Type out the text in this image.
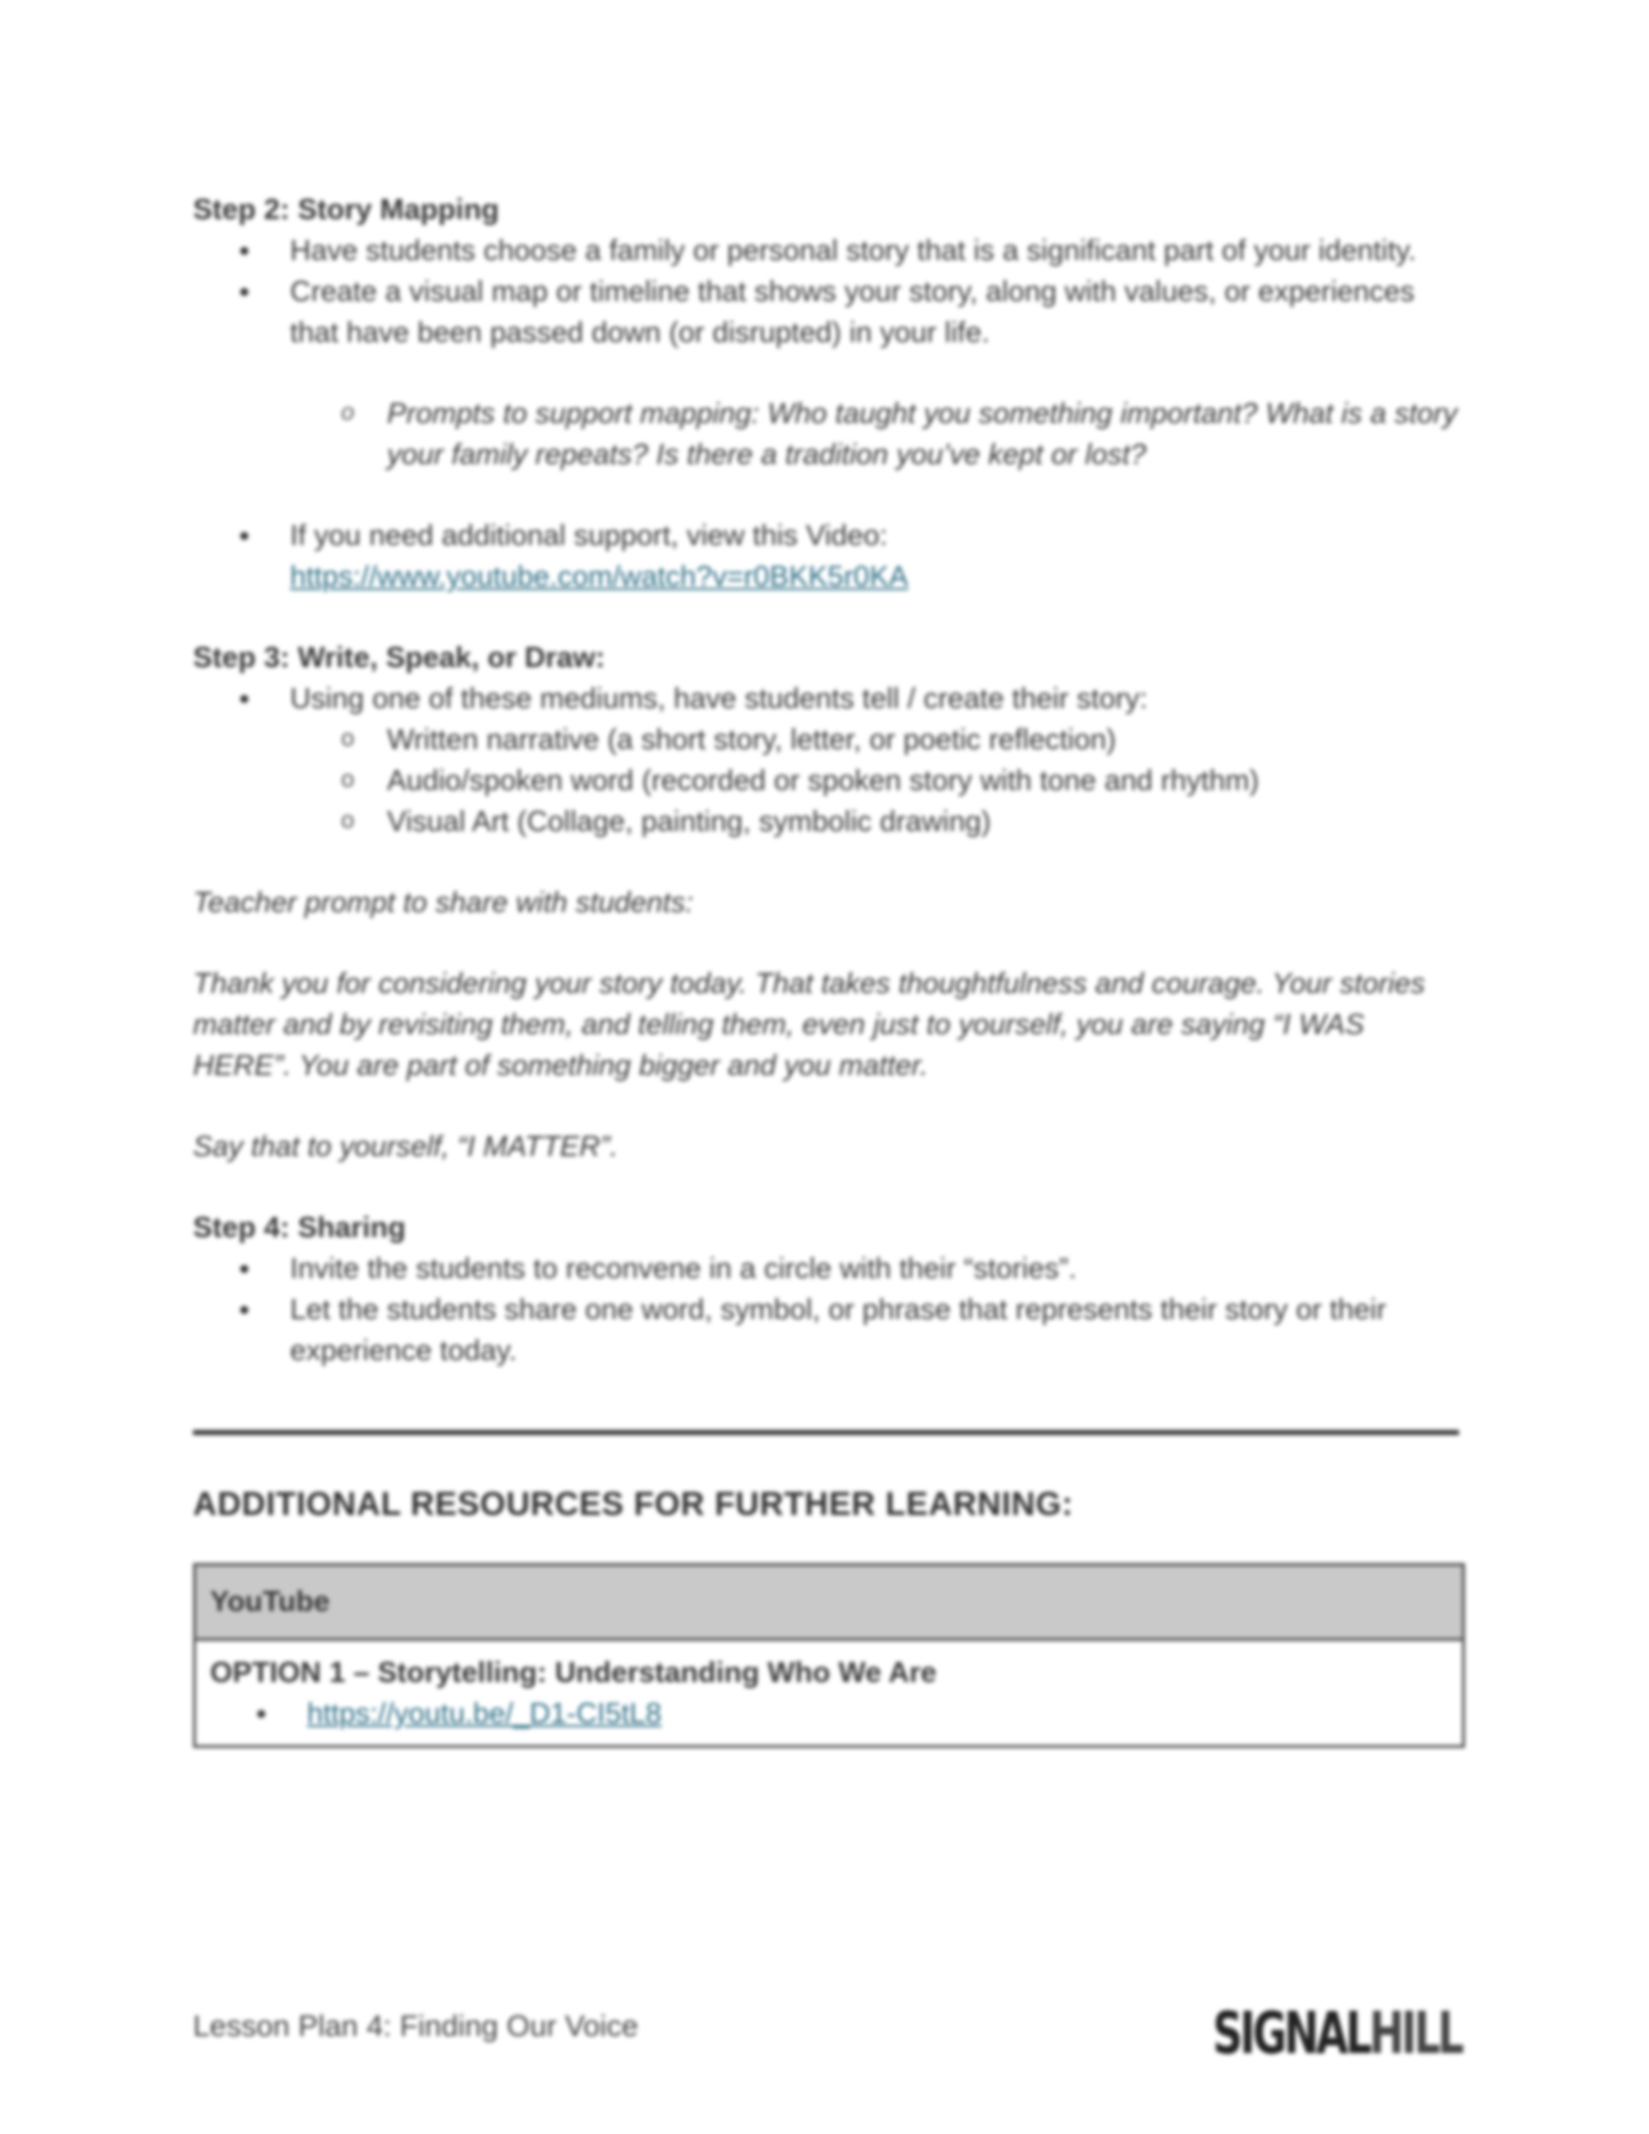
Step 2: Story Mapping

• Have students choose a family or personal story that is a significant part of your identity.
• Create a visual map or timeline that shows your story, along with values, or experiences that have been passed down (or disrupted) in your life.
o Prompts to support mapping: Who taught you something important? What is a story your family repeats? Is there a tradition you’ve kept or lost?
• If you need additional support, view this Video:
https://www.youtube.com/watch?v=r0BKK5r0KA

Step 3: Write, Speak, or Draw:

• Using one of these mediums, have students tell / create their story:
o Written narrative (a short story, letter, or poetic reflection)
o Audio/spoken word (recorded or spoken story with tone and rhythm)
o Visual Art (Collage, painting, symbolic drawing)

Teacher prompt to share with students:

Thank you for considering your story today. That takes thoughtfulness and courage. Your stories matter and by revisiting them, and telling them, even just to yourself, you are saying “I WAS HERE”. You are part of something bigger and you matter.

Say that to yourself, “I MATTER”.

Step 4: Sharing

• Invite the students to reconvene in a circle with their “stories”.
• Let the students share one word, symbol, or phrase that represents their story or their experience today.

ADDITIONAL RESOURCES FOR FURTHER LEARNING:

YouTube

OPTION 1 – Storytelling: Understanding Who We Are

• https://youtu.be/_D1-CI5tL8
Lesson Plan 4: Finding Our Voice	SIGNALHILL
